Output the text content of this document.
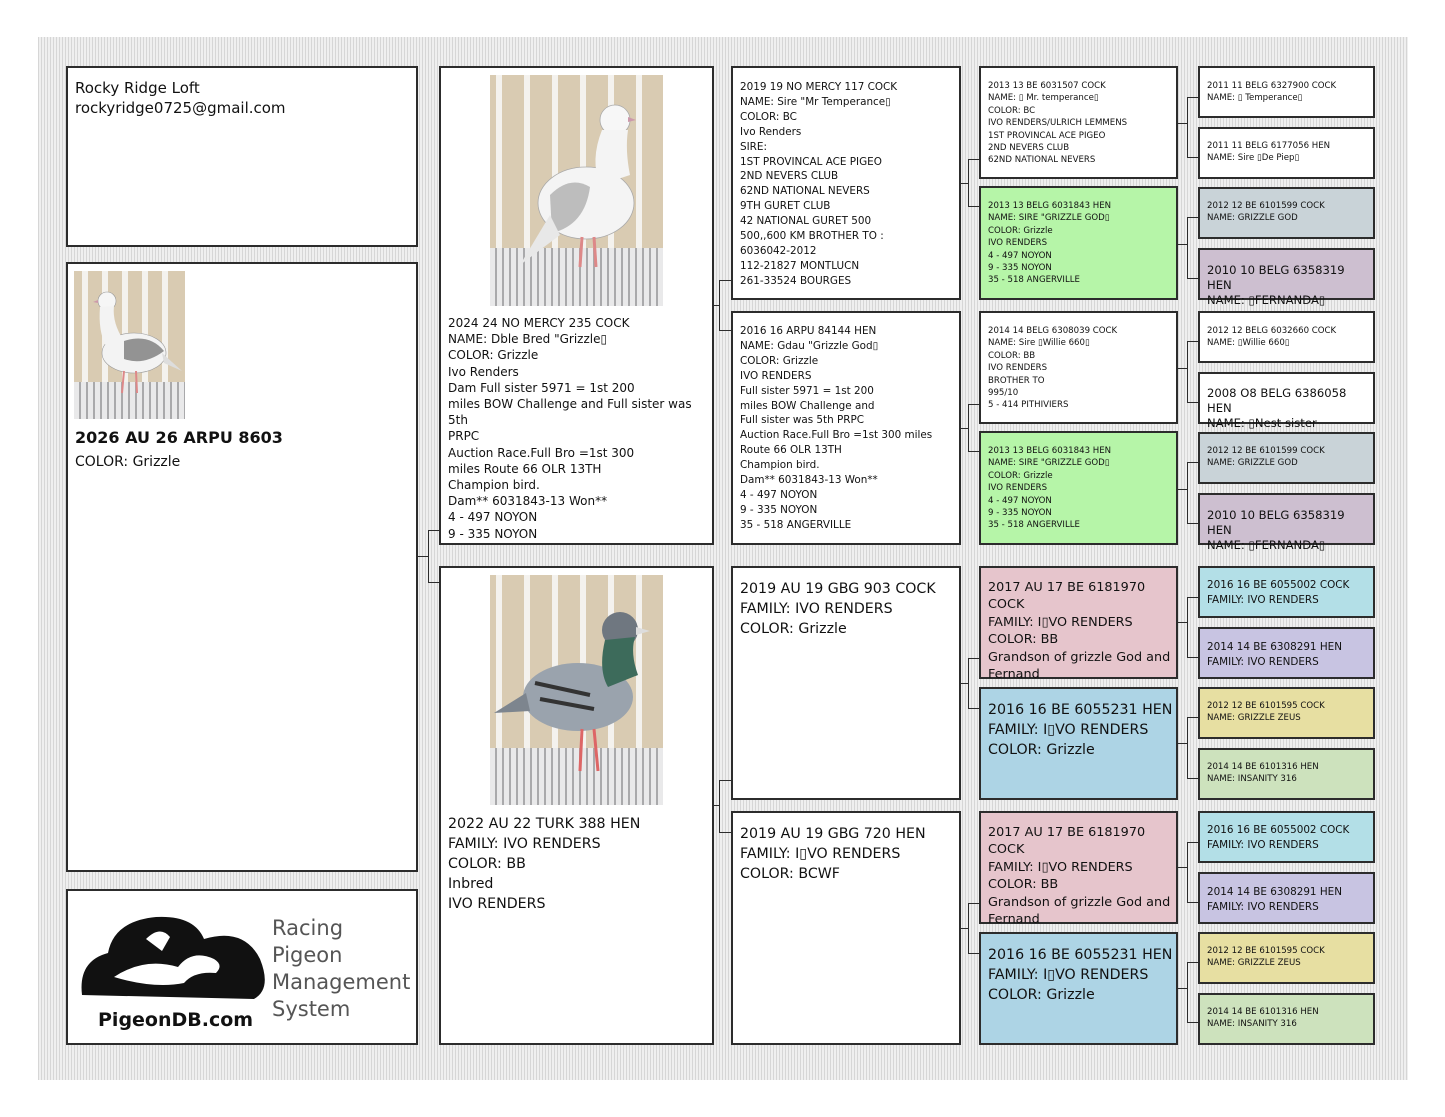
Rocky Ridge Loft
rockyridge0725@gmail.com
2026 AU 26 ARPU 8603
COLOR: Grizzle
Racing Pigeon
Management
System
PigeonDB.com
2024 24 NO MERCY 235 COCK
NAME: Dble Bred "Grizzle▯
COLOR: Grizzle
Ivo Renders
Dam Full sister 5971 = 1st 200
miles BOW Challenge and Full sister was 5th
PRPC
Auction Race.Full Bro =1st 300
miles Route 66 OLR 13TH
Champion bird.
Dam** 6031843-13 Won**
4 - 497 NOYON
9 - 335 NOYON
2022 AU 22 TURK 388 HEN
FAMILY: IVO RENDERS
COLOR: BB
Inbred
IVO RENDERS
2019 19 NO MERCY 117 COCK
NAME: Sire "Mr Temperance▯
COLOR: BC
Ivo Renders
SIRE:
1ST PROVINCAL ACE PIGEO
2ND NEVERS CLUB
62ND NATIONAL NEVERS
9TH GURET CLUB
42 NATIONAL GURET 500
500,,600 KM BROTHER TO :
6036042-2012
112-21827 MONTLUCN
261-33524 BOURGES
2016 16 ARPU 84144 HEN
NAME: Gdau "Grizzle God▯
COLOR: Grizzle
IVO RENDERS
Full sister 5971 = 1st 200
miles BOW Challenge and
Full sister was 5th PRPC
Auction Race.Full Bro =1st 300 miles
Route 66 OLR 13TH
Champion bird.
Dam** 6031843-13 Won**
4 - 497 NOYON
9 - 335 NOYON
35 - 518 ANGERVILLE
2019 AU 19 GBG 903 COCK
FAMILY: IVO RENDERS
COLOR: Grizzle
2019 AU 19 GBG 720 HEN
FAMILY: I▯VO RENDERS
COLOR: BCWF
2013 13 BE 6031507 COCK
NAME: ▯ Mr. temperance▯
COLOR: BC
IVO RENDERS/ULRICH LEMMENS
1ST PROVINCAL ACE PIGEO
2ND NEVERS CLUB
62ND NATIONAL NEVERS
2013 13 BELG 6031843 HEN
NAME: SIRE "GRIZZLE GOD▯
COLOR: Grizzle
IVO RENDERS
4 - 497 NOYON
9 - 335 NOYON
35 - 518 ANGERVILLE
2014 14 BELG 6308039 COCK
NAME: Sire ▯Willie 660▯
COLOR: BB
IVO RENDERS
BROTHER TO
995/10
5 - 414 PITHIVIERS
2013 13 BELG 6031843 HEN
NAME: SIRE "GRIZZLE GOD▯
COLOR: Grizzle
IVO RENDERS
4 - 497 NOYON
9 - 335 NOYON
35 - 518 ANGERVILLE
2017 AU 17 BE 6181970 COCK
FAMILY: I▯VO RENDERS
COLOR: BB
Grandson of grizzle God and
Fernand
2016 16 BE 6055231 HEN
FAMILY: I▯VO RENDERS
COLOR: Grizzle
2017 AU 17 BE 6181970 COCK
FAMILY: I▯VO RENDERS
COLOR: BB
Grandson of grizzle God and
Fernand
2016 16 BE 6055231 HEN
FAMILY: I▯VO RENDERS
COLOR: Grizzle
2011 11 BELG 6327900 COCK
NAME: ▯ Temperance▯
2011 11 BELG 6177056 HEN
NAME: Sire ▯De Piep▯
2012 12 BE 6101599 COCK
NAME: GRIZZLE GOD
2010 10 BELG 6358319 HEN
NAME: ▯FERNANDA▯
2012 12 BELG 6032660 COCK
NAME: ▯Willie 660▯
2008 O8 BELG 6386058 HEN
NAME: ▯Nest sister
2012 12 BE 6101599 COCK
NAME: GRIZZLE GOD
2010 10 BELG 6358319 HEN
NAME: ▯FERNANDA▯
2016 16 BE 6055002 COCK
FAMILY: IVO RENDERS
2014 14 BE 6308291 HEN
FAMILY: IVO RENDERS
2012 12 BE 6101595 COCK
NAME: GRIZZLE ZEUS
2014 14 BE 6101316 HEN
NAME: INSANITY 316
2016 16 BE 6055002 COCK
FAMILY: IVO RENDERS
2014 14 BE 6308291 HEN
FAMILY: IVO RENDERS
2012 12 BE 6101595 COCK
NAME: GRIZZLE ZEUS
2014 14 BE 6101316 HEN
NAME: INSANITY 316
